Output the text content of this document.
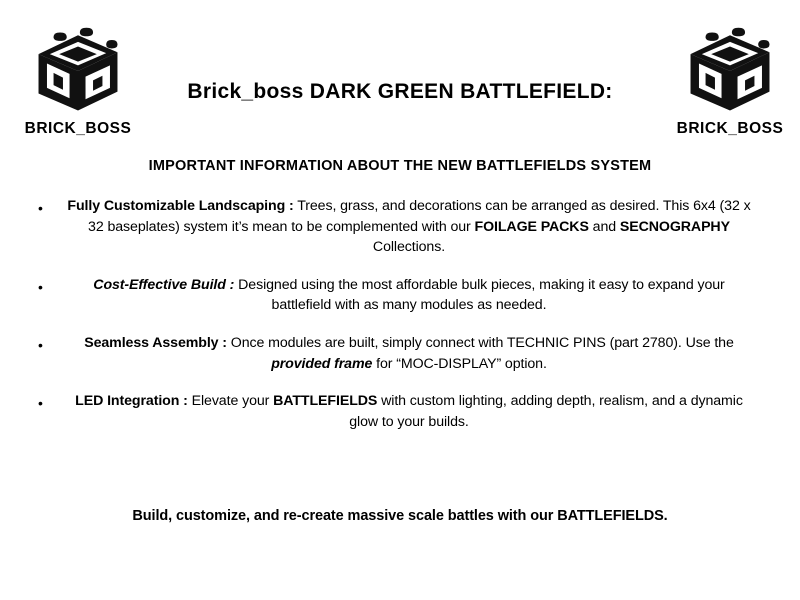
BRICK_BOSS	BRICK_BOSS
Brick_boss DARK GREEN BATTLEFIELD:
IMPORTANT INFORMATION ABOUT THE NEW BATTLEFIELDS SYSTEM
• Fully Customizable Landscaping : Trees, grass, and decorations can be arranged as desired. This 6x4 (32 x 32 baseplates) system it’s mean to be complemented with our FOILAGE PACKS and SECNOGRAPHY Collections.

•	Cost-Effective Build : Designed using the most affordable bulk pieces, making it easy to expand your battlefield with as many modules as needed.

•	Seamless Assembly : Once modules are built, simply connect with TECHNIC PINS (part 2780). Use the provided frame for “MOC-DISPLAY” option.

•	LED Integration : Elevate your BATTLEFIELDS with custom lighting, adding depth, realism, and a dynamic glow to your builds.

Build, customize, and re-create massive scale battles with our BATTLEFIELDS.
